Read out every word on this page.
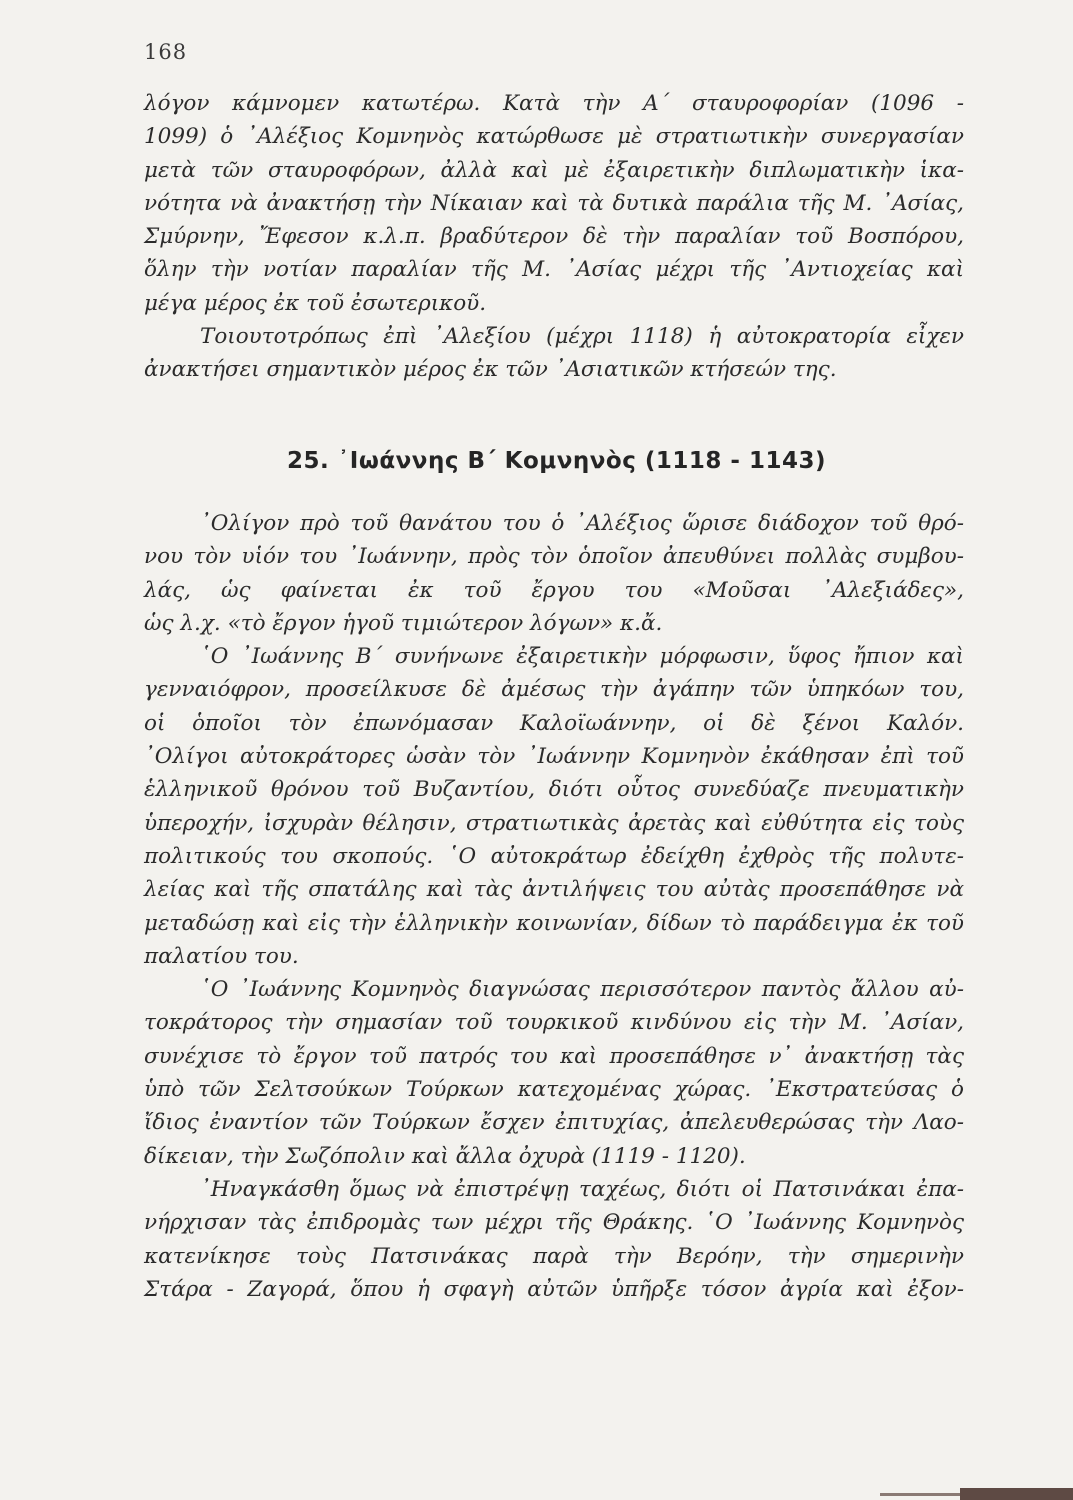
168
λόγον κάμνομεν κατωτέρω. Κατὰ τὴν Α΄ σταυροφορίαν (1096 -
1099) ὁ ᾿Αλέξιος Κομνηνὸς κατώρθωσε μὲ στρατιωτικὴν συνεργασίαν
μετὰ τῶν σταυροφόρων, ἀλλὰ καὶ μὲ ἐξαιρετικὴν διπλωματικὴν ἱκα-
νότητα νὰ ἀνακτήσῃ τὴν Νίκαιαν καὶ τὰ δυτικὰ παράλια τῆς Μ. ᾿Ασίας,
Σμύρνην, Ἔφεσον κ.λ.π. βραδύτερον δὲ τὴν παραλίαν τοῦ Βοσπόρου,
ὅλην τὴν νοτίαν παραλίαν τῆς Μ. ᾿Ασίας μέχρι τῆς ᾿Αντιοχείας καὶ
μέγα μέρος ἐκ τοῦ ἐσωτερικοῦ.
Τοιουτοτρόπως ἐπὶ ᾿Αλεξίου (μέχρι 1118) ἡ αὐτοκρατορία εἶχεν
ἀνακτήσει σημαντικὸν μέρος ἐκ τῶν ᾿Ασιατικῶν κτήσεών της.
25. ᾿Ιωάννης Β΄ Κομνηνὸς (1118 - 1143)
᾿Ολίγον πρὸ τοῦ θανάτου του ὁ ᾿Αλέξιος ὥρισε διάδοχον τοῦ θρό-
νου τὸν υἱόν του ᾿Ιωάννην, πρὸς τὸν ὁποῖον ἀπευθύνει πολλὰς συμβου-
λάς, ὡς φαίνεται ἐκ τοῦ ἔργου του «Μοῦσαι ᾿Αλεξιάδες»,
ὡς λ.χ. «τὸ ἔργον ἡγοῦ τιμιώτερον λόγων» κ.ἄ.
῾Ο ᾿Ιωάννης Β΄ συνήνωνε ἐξαιρετικὴν μόρφωσιν, ὕφος ἤπιον καὶ
γενναιόφρον, προσείλκυσε δὲ ἀμέσως τὴν ἀγάπην τῶν ὑπηκόων του,
οἱ ὁποῖοι τὸν ἐπωνόμασαν Καλοϊωάννην, οἱ δὲ ξένοι Καλόν.
᾿Ολίγοι αὐτοκράτορες ὡσὰν τὸν ᾿Ιωάννην Κομνηνὸν ἐκάθησαν ἐπὶ τοῦ
ἑλληνικοῦ θρόνου τοῦ Βυζαντίου, διότι οὗτος συνεδύαζε πνευματικὴν
ὑπεροχήν, ἰσχυρὰν θέλησιν, στρατιωτικὰς ἀρετὰς καὶ εὐθύτητα εἰς τοὺς
πολιτικούς του σκοπούς. ῾Ο αὐτοκράτωρ ἐδείχθη ἐχθρὸς τῆς πολυτε-
λείας καὶ τῆς σπατάλης καὶ τὰς ἀντιλήψεις του αὐτὰς προσεπάθησε νὰ
μεταδώσῃ καὶ εἰς τὴν ἑλληνικὴν κοινωνίαν, δίδων τὸ παράδειγμα ἐκ τοῦ
παλατίου του.
῾Ο ᾿Ιωάννης Κομνηνὸς διαγνώσας περισσότερον παντὸς ἄλλου αὐ-
τοκράτορος τὴν σημασίαν τοῦ τουρκικοῦ κινδύνου εἰς τὴν Μ. ᾿Ασίαν,
συνέχισε τὸ ἔργον τοῦ πατρός του καὶ προσεπάθησε ν᾿ ἀνακτήσῃ τὰς
ὑπὸ τῶν Σελτσούκων Τούρκων κατεχομένας χώρας. ᾿Εκστρατεύσας ὁ
ἴδιος ἐναντίον τῶν Τούρκων ἔσχεν ἐπιτυχίας, ἀπελευθερώσας τὴν Λαο-
δίκειαν, τὴν Σωζόπολιν καὶ ἄλλα ὀχυρὰ (1119 - 1120).
᾿Ηναγκάσθη ὅμως νὰ ἐπιστρέψῃ ταχέως, διότι οἱ Πατσινάκαι ἐπα-
νήρχισαν τὰς ἐπιδρομὰς των μέχρι τῆς Θράκης. ῾Ο ᾿Ιωάννης Κομνηνὸς
κατενίκησε τοὺς Πατσινάκας παρὰ τὴν Βερόην, τὴν σημερινὴν
Στάρα - Ζαγορά, ὅπου ἡ σφαγὴ αὐτῶν ὑπῆρξε τόσον ἀγρία καὶ ἐξον-
